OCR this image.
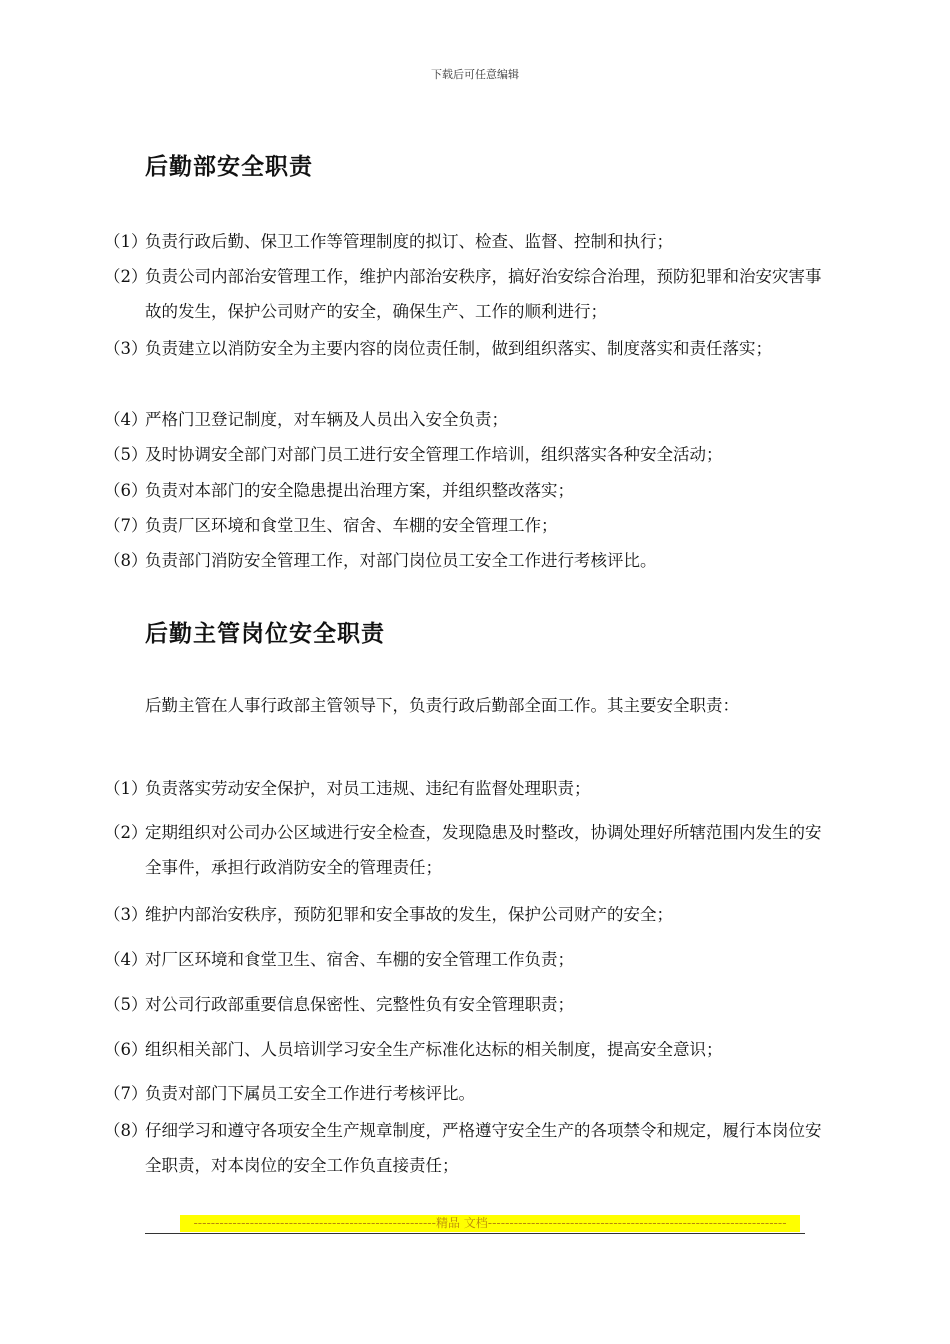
下载后可任意编辑
后勤部安全职责
（1）
负责行政后勤、保卫工作等管理制度的拟订、检查、监督、控制和执行；
（2）
负责公司内部治安管理工作，维护内部治安秩序，搞好治安综合治理，预防犯罪和治安灾害事故的发生，保护公司财产的安全，确保生产、工作的顺利进行；
（3）
负责建立以消防安全为主要内容的岗位责任制，做到组织落实、制度落实和责任落实；
（4）
严格门卫登记制度，对车辆及人员出入安全负责；
（5）
及时协调安全部门对部门员工进行安全管理工作培训，组织落实各种安全活动；
（6）
负责对本部门的安全隐患提出治理方案，并组织整改落实；
（7）
负责厂区环境和食堂卫生、宿舍、车棚的安全管理工作；
（8）
负责部门消防安全管理工作，对部门岗位员工安全工作进行考核评比。
后勤主管岗位安全职责
后勤主管在人事行政部主管领导下，负责行政后勤部全面工作。其主要安全职责：
（1）
负责落实劳动安全保护，对员工违规、违纪有监督处理职责；
（2）
定期组织对公司办公区域进行安全检查，发现隐患及时整改，协调处理好所辖范围内发生的安全事件，承担行政消防安全的管理责任；
（3）
维护内部治安秩序，预防犯罪和安全事故的发生，保护公司财产的安全；
（4）
对厂区环境和食堂卫生、宿舍、车棚的安全管理工作负责；
（5）
对公司行政部重要信息保密性、完整性负有安全管理职责；
（6）
组织相关部门、人员培训学习安全生产标准化达标的相关制度，提高安全意识；
（7）
负责对部门下属员工安全工作进行考核评比。
（8）
仔细学习和遵守各项安全生产规章制度，严格遵守安全生产的各项禁令和规定，履行本岗位安全职责，对本岗位的安全工作负直接责任；
--------------------------------------------------------精品 文档---------------------------------------------------------------------
